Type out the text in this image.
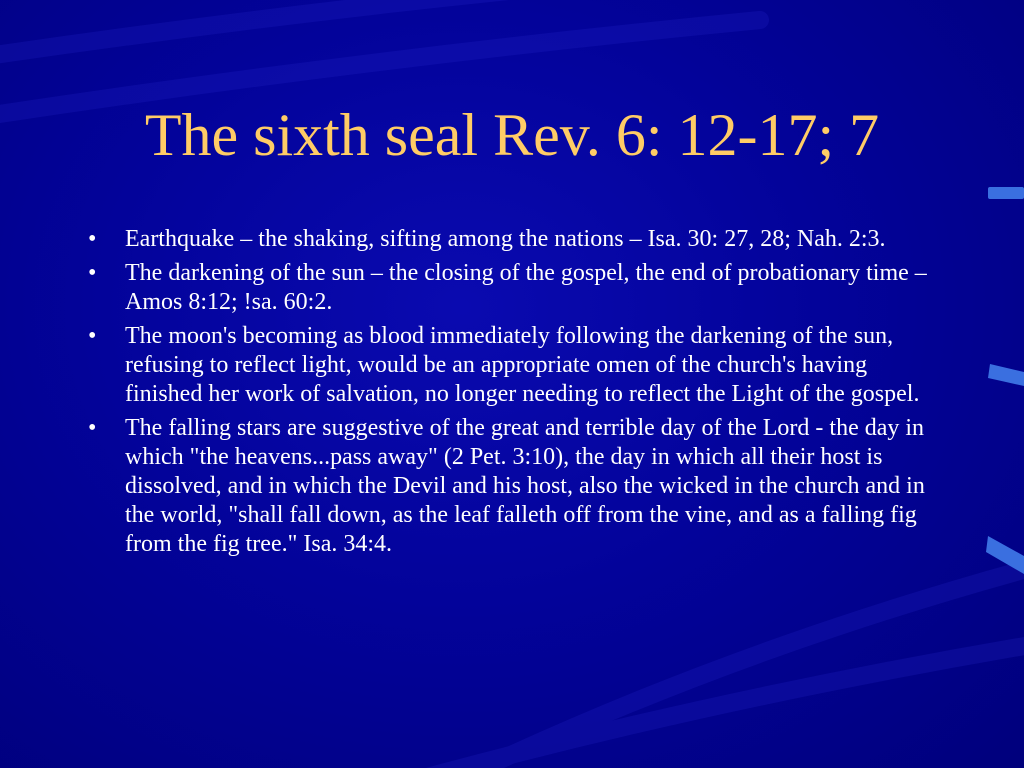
The sixth seal Rev. 6: 12-17; 7
• Earthquake – the shaking, sifting among the nations – Isa. 30: 27, 28; Nah. 2:3.
• The darkening of the sun – the closing of the gospel, the end of probationary time – Amos 8:12; !sa. 60:2.
• The moon's becoming as blood immediately following the darkening of the sun, refusing to reflect light, would be an appropriate omen of the church's having finished her work of salvation, no longer needing to reflect the Light of the gospel.
• The falling stars are suggestive of the great and terrible day of the Lord - the day in which "the heavens...pass away" (2 Pet. 3:10), the day in which all their host is dissolved, and in which the Devil and his host, also the wicked in the church and in the world, "shall fall down, as the leaf falleth off from the vine, and as a falling fig from the fig tree." Isa. 34:4.
